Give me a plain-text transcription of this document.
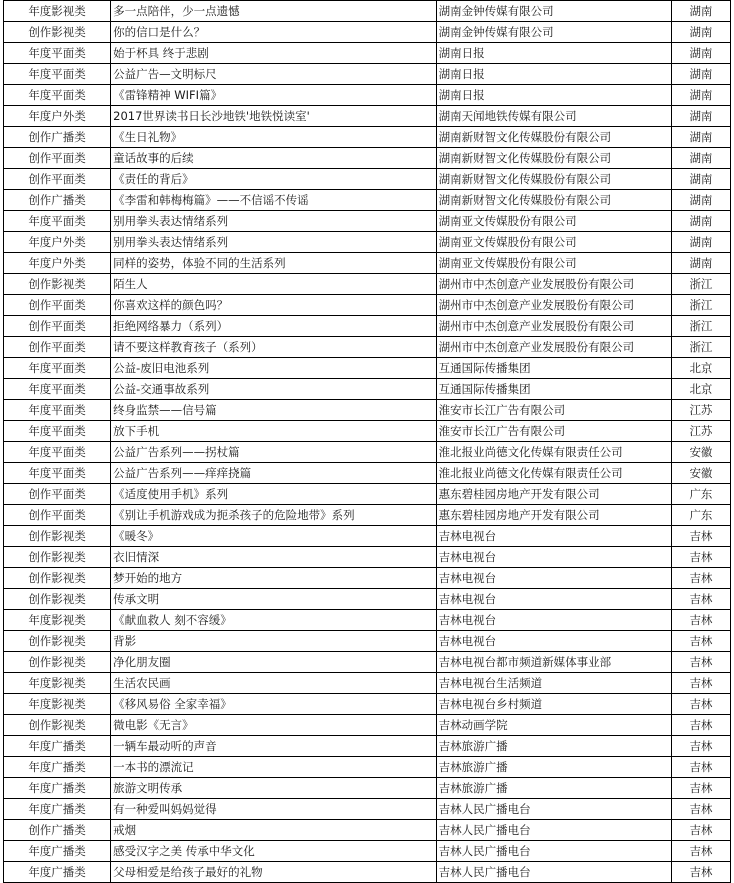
年度影视类	多一点陪伴，少一点遗憾	湖南金钟传媒有限公司	湖南
创作影视类	你的信口是什么？	湖南金钟传媒有限公司	湖南
年度平面类	始于杯具 终于悲剧	湖南日报	湖南
年度平面类	公益广告—文明标尺	湖南日报	湖南
年度平面类	《雷锋精神 WIFI篇》	湖南日报	湖南
年度户外类	2017世界读书日长沙地铁'地铁悦读室'	湖南天闻地铁传媒有限公司	湖南
创作广播类	《生日礼物》	湖南新财智文化传媒股份有限公司	湖南
创作平面类	童话故事的后续	湖南新财智文化传媒股份有限公司	湖南
创作平面类	《责任的背后》	湖南新财智文化传媒股份有限公司	湖南
创作广播类	《李雷和韩梅梅篇》——不信谣不传谣	湖南新财智文化传媒股份有限公司	湖南
年度平面类	别用拳头表达情绪系列	湖南亚文传媒股份有限公司	湖南
年度户外类	别用拳头表达情绪系列	湖南亚文传媒股份有限公司	湖南
年度户外类	同样的姿势，体验不同的生活系列	湖南亚文传媒股份有限公司	湖南
创作影视类	陌生人	湖州市中杰创意产业发展股份有限公司	浙江
创作平面类	你喜欢这样的颜色吗？	湖州市中杰创意产业发展股份有限公司	浙江
创作平面类	拒绝网络暴力（系列）	湖州市中杰创意产业发展股份有限公司	浙江
创作平面类	请不要这样教育孩子（系列）	湖州市中杰创意产业发展股份有限公司	浙江
年度平面类	公益-废旧电池系列	互通国际传播集团	北京
年度平面类	公益-交通事故系列	互通国际传播集团	北京
年度平面类	终身监禁——信号篇	淮安市长江广告有限公司	江苏
年度平面类	放下手机	淮安市长江广告有限公司	江苏
年度平面类	公益广告系列——拐杖篇	淮北报业尚德文化传媒有限责任公司	安徽
年度平面类	公益广告系列——痒痒挠篇	淮北报业尚德文化传媒有限责任公司	安徽
创作平面类	《适度使用手机》系列	惠东碧桂园房地产开发有限公司	广东
创作平面类	《别让手机游戏成为扼杀孩子的危险地带》系列	惠东碧桂园房地产开发有限公司	广东
创作影视类	《暖冬》	吉林电视台	吉林
创作影视类	衣旧情深	吉林电视台	吉林
创作影视类	梦开始的地方	吉林电视台	吉林
创作影视类	传承文明	吉林电视台	吉林
年度影视类	《献血救人 刻不容缓》	吉林电视台	吉林
创作影视类	背影	吉林电视台	吉林
创作影视类	净化朋友圈	吉林电视台都市频道新媒体事业部	吉林
年度影视类	生活农民画	吉林电视台生活频道	吉林
年度影视类	《移风易俗 全家幸福》	吉林电视台乡村频道	吉林
创作影视类	微电影《无言》	吉林动画学院	吉林
年度广播类	一辆车最动听的声音	吉林旅游广播	吉林
年度广播类	一本书的漂流记	吉林旅游广播	吉林
年度广播类	旅游文明传承	吉林旅游广播	吉林
年度广播类	有一种爱叫妈妈觉得	吉林人民广播电台	吉林
创作广播类	戒烟	吉林人民广播电台	吉林
年度广播类	感受汉字之美 传承中华文化	吉林人民广播电台	吉林
年度广播类	父母相爱是给孩子最好的礼物	吉林人民广播电台	吉林
